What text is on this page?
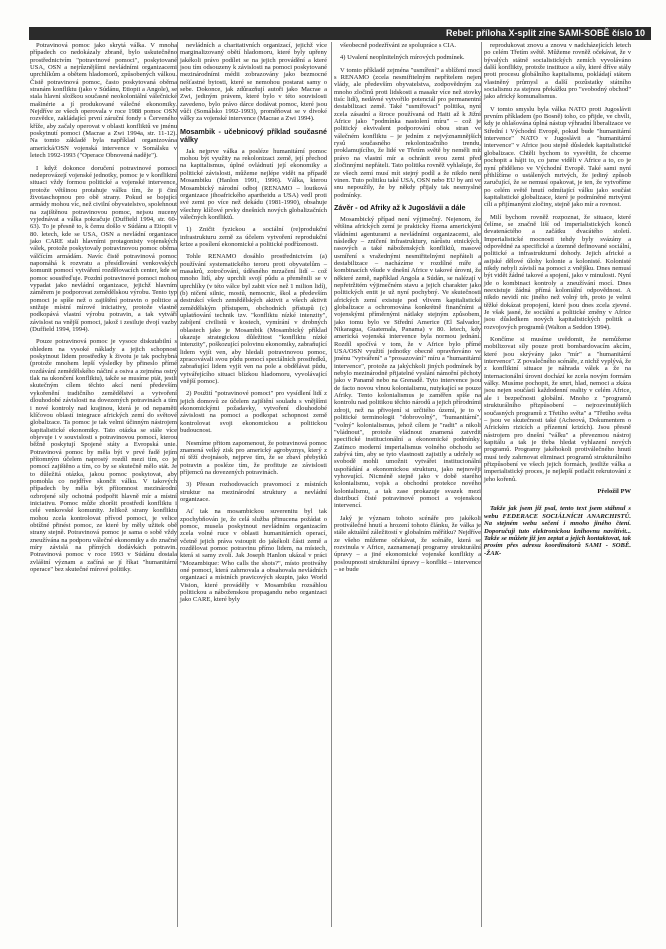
Rebel: příloha X-split zine SAMI-SOBĚ číslo 10

Potravinová pomoc jako skrytá válka. V mnoha případech co nedokázaly zbraně, bylo uskutečněno prostřednictvím "potravinové pomoci", poskytované USA, OSN a nejrůznějšími nevládními organizacemi uprchlíkům a obětem hladomorů, způsobených válkou. Čistě potravinová pomoc, často poskytovaná oběma stranám konfliktu (jako v Súdánu, Etiopii a Angole), se stala hlavní složkou současné neokoloniální válečnické mašinérie a jí produkované válečné ekonomiky. Nejdříve ze všech operovala v roce 1988 pomoc OSN rozvědce, zakládající první záruční fondy s Červeného kříže, aby začaly operovat v oblasti konfliktů ve jménu poskytnutí pomoci (Macrae a Zwi 1994a, str. 11-12). Na tomto základě byla například organizována americká/OSN vojenská intervence v Somálsku v letech 1992-1993 ("Operace Obnovená naděje").

I když dokonce doručení potravinové pomoci nedeprovázejí vojenské jednotky, pomoc je v konfliktní situaci vždy formou politické a vojenské intervence, protože většinou protahuje válku tím, že ji činí životaschopnou pro obě strany. Pokud se bojující armády mohou víc, než civilní obyvatelstvo, spolehnout na zajištěnou potravinovou pomoc, nejsou nuceny vyjednávat a válka pokračuje (Duffield 1994, str. 60-63). To je přesně to, k čemu došlo v Súdánu a Etiopii v 80. letech, kde se USA, OSN a nevládní organizace jako CARE stali hlavními protagonisty vojenských válek, protože poskytovaly potravinovou pomoc oběma válčícím armádám. Navíc čistě potravinová pomoc napomáhá k rozvratu a přesídlování venkovských komunit pomocí vytváření rozdělovacích center, kde se pomoc soustřeďuje. Pozdní potravinové pomoci mohou vypadat jako nevládní organizace, jejichž hlavním záměrem je podporovat zemědělskou výrobu. Tento typ pomoci je spíše než o zajištění potravin o politice a snižuje místní mírové iniciativy, protože vlastně podkopává vlastní výrobu potravin, a tak vytváří závislost na vnější pomoci, jakož i zesiluje dvojí vazby (Duffield 1994, 1994).

Pouze potravinová pomoc je vysoce diskutabilní s ohledem na vysoké náklady a jejich schopnost poskytnout lidem prostředky k životu je tak pochybná (protože mnohem lepší výsledky by přineslo přímé rozdávání zemědělského náčiní a osiva a zejména ostrý tlak na ukončení konfliktu), takže se musíme ptát, jestli skutečným cílem těchto akcí není především vykořenění tradičního zemědělství a vytvoření dlouhodobé závislosti na dovezených potravinách a tím i nové kontroly nad krajinou, která je od nepaměti klíčovou oblastí integrace afrických zemí do světové globalizace. Ta pomoc je tak velmi účinným nástrojem kapitalistické ekonomiky. Tato otázka se stále více objevuje i v souvislosti s potravinovou pomocí, kterou běžně poskytují Spojené státy a Evropská unie. Potravinová pomoc by měla být v prvé řadě jejím přítomným účelem naprostý rozdíl mezi tím, co je pomocí zajištěno a tím, co by se skutečně mělo stát. Je to důležitá otázka, jakou pomoc poskytovat, aby pomohla co nejdříve skončit válku. V takových případech by měla být přítomnost mezinárodní ozbrojené síly ochotná podpořit hlavně mír a místní iniciativu. Pomoc může zhoršit prostředí konfliktu i celé venkovské komunity. Jelikož strany konfliktu mohou zcela kontrolovat přívod pomoci, je velice obtížné přinést pomoc, ze které by měly užitek obě strany stejně. Potravinová pomoc je sama o sobě vždy zneužívána na podporu válečné ekonomiky a do značné míry závislá na přímých dodávkách potravin. Potravinová pomoc v roce 1993 v Súdánu dostala zvláštní význam a začíná se jí říkat "humanitární operace" bez skutečné mírové politiky.

nevládních a charitativních organizací, jejichž více marginalizovaný obětí hladomoru, které byly upřeny jakékoli právo podílet se na jejich provádění a které jsou tím odsouzeny k závislosti na pomoci poskytované mezinárodními médii zobrazovány jako bezmocné nešťastné bytosti, které se nemohou postarat samy o sebe. Dokonce, jak zdůrazňují autoři jako Macrae a Zwi, jediným právem, které bylo v této souvislosti zavedeno, bylo právo dárce dodávat pomoc, které jsou vůči (Somálsko 1992-1993), proměňovat se v divoké války za vojenské intervence (Macrae a Zwi 1994).

Mosambik - učebnicový příklad současné války

Jak nejprve válka a posléze humanitární pomoc mohou být využity na rekolonizaci země, její přechod na kapitalismus, úplné ovládnutí její ekonomiky a politické závislosti, můžeme nejlépe vidět na případě Mosambiku (Hanlon 1991, 1996). Válka, kterou Mosambický národní odboj (RENAMO – loutková organizace jihoafrického apartheidu a USA) vedl proti své zemi po více než dekádu (1981-1990), obsahuje všechny klíčové prvky dnešních nových globalizačních válečných konfliktů.

1) Zničit fyzickou a sociální (re)produkční infrastrukturu země za účelem vytvoření reprodukční krize a posílení ekonomické a politické podřízenosti.

Tohle RENAMO dosáhlo prostřednictvím (a) používání systematického teroru proti obyvatelům – masakrů, zotročování, úděsného mrzačení lidí – což mnoho lidí, aby uprchli svojí půdu a přeměnili se v uprchlíky (v této válce byl zabit více než 1 milion lidí), (b) ničení silnic, mostů, nemocnic, škol a především destrukcí všech zemědělských aktivit a všech aktivit zemědělským přístupem, obchodních přístupů (c) uplatňování technik tzv. "konfliktu nízké intenzity", zabíjení civilistů v kostech, vymírání v drobných oblastech jako je Mosambik (Mosambický příklad ukazuje strategickou důležitost "konfliktu nízké intenzity", poškozující polovinu ekonomiky, zabraňující lidem vyjít ven, aby hledali potravinovou pomoc, zpracovávali svou půdu pomocí speciálních prostředků, zabraňující lidem vyjít ven na pole a obdělávat půdu, vytvářejícího situaci blízkou hladomoru, vyvolávající vnější pomoc).

2) Použití "potravinové pomoci" pro vysídlení lidí z jejich domovů ze účelem zajištění souladu s vnějšími ekonomickými požadavky, vytvoření dlouhodobé závislosti na pomoci a podkopat schopnost země kontrolovat svoji ekonomickou a politickou budoucnost.

Nesmíme přitom zapomenout, že potravinová pomoc znamená velký zisk pro americký agrobyznys, který z ní těží dvojnásob, nejprve tím, že se zbaví přebytků potravin a posléze tím, že profituje ze závislosti příjemců na dovezených potravinách.

3) Přesun rozhodovacích pravomocí z místních struktur na mezinárodní struktury a nevládní organizace.

Ať tak na mosambickou suverenitu byl tak zpochybňován je, že celá služba přinucena požádat o pomoc, musela poskytnout nevládním organizacím zcela volné ruce v oblasti humanitárních operací, včetně jejich práva vstoupit do jakékoli části země a rozdělovat pomoc potravinu přímo lidem, na místech, která si samy zvolí. Jak Joseph Hanlon ukázal v práci "Mozambique: Who calls the shots?", místo protiváhy oné pomoci, která zahrnovala a obsahovala nevládních organizací a místních pravicových skupin, jako World Vision, které prováděly v Mosambiku rozsáhlou politickou a náboženskou propagandu nebo organizaci jako CARE, které byly

všeobecně podezříváni ze spolupráce s CIA.

4) Uvalení neoplnitelných mírových podmínek.

V tomto příkladě zejména "usmíření" a sblížení mocí s RENAMO (zcela nesmiřitelným nepřítelem nejen vlády, ale především obyvatelstva, zodpovědným za mnoho zločinů proti lidskosti a masakr více než stovky tisíc lidí), nedávné vytvořilo potenciál pro permanentní destabilizaci země. Také "usmiřovací" politika, nyní zcela zásadní a široce používaná od Haiti až k Jižní Africe jako "podmínka nastolení míru" – což je politický ekvivalent podporování obou stran ve válečném konfliktu – je jedním z nejvýznamnějších rysů současného rekolonizačního trendu, proklamujícího, že lidé ve Třetím světě by neměli mít právo na vlastní mír a ochránit svou zemi před zločinnými nepřáteli. Tato politika rovněž vyhlašuje, že ze všech zemí musí mít stejný podíl a že nikdo není vinen. Tuto politiku také USA, OSN nebo EU by ani ve snu nepoužily, že by někdy přijaly tak nesmyslné podmínky.

Závěr - od Afriky až k Jugoslávii a dále

Mosambický případ není výjimečný. Nejenom, že většina afrických zemí je prakticky řízena americkými vládními agenturami a nevládními organizacemi, ale následky – zničení infrastruktury, nárůstu etnických, rasových a také náboženských konfliktů, masové usmíření s vražednými nesmiřitelnými nepřáteli a destabilizace – nacházíme v rozdílné míře a kombinacích všude v dnešní Africe v takové úrovni, že některé země, například Angola a Súdán, se nalézají v nepřetržitém výjimečném stavu a jejich charakter jako politických entit je už nyní pochybný. Ve skutečnosti afrických zemí existuje pod vlivem kapitalistické globalizace a ochromována konkrétně finančními a vojenskými příměrnými nátlaky stejným způsobem, jako tomu bylo ve Střední Americe (El Salvador, Nikaragua, Guatemala, Panama) v 80. letech, kdy americká vojenská intervence byla normou jednání. Rozdíl spočívá v tom, že v Africe bylo přímé USA/OSN využití jednotky obecně opravňováno ve jménu "vytváření" a "prosazování" míru a "humanitární intervence", protože za jakýchkoli jiných podmínek by nebylo mezinárodně přijatelné vyslání námořní pěchoty jako v Panamě nebo na Grenadě. Tyto intervence jsou de facto novou vlnou kolonialismu, nutykající se pouze Afriky. Tento kolonialismus je zaměřen spíše na kontrolu nad politikou těchto národů a jejich přírodními zdroji, než na přivojení si určitého území, je to v politické terminologii "dobrovolný", "humanitární", "volný" kolonialismus, jehož cílem je "radit" a nikoli "vládnout", protože vládnout znamená zatvrdit specifické institucionální a ekonomické podmínky. Zatímco moderní imperialismus volného obchodu se zabývá tím, aby se tyto vlastnosti zajistily a udržely se svobodě mohli umožnit vytvářet institucionální uspořádání a ekonomickou strukturu, jako nejnověji vyhovující. Nicméně stejně jako v době starého kolonialismu, vojsk a obchodní protekce nového kolonialismu, a tak zase prokazuje svazek mezi distribucí čisté potravinové pomoci a vojenskou intervencí.

Jaký je význam tohoto scénáře pro jakékoli protiválečné hnutí a hrození tohoto článku, že válka je stále aktuální záležitostí v globalním měřítku? Nejdříve ze všeho můžeme očekávat, že scénáře, která se rozvinula v Africe, zaznamenají programy strukturální úpravy – a jiné ekonomické vojenské konflikty a posloupnosti strukturální úpravy – konflikt – intervence – se bude

reprodukovat znovu a znovu v nadcházejících letech po celém Třetím světě. Můžeme rovněž očekávat, že v bývalých státně socialistických zemích vyvoláváno další konflikty, protože instituce a síly, které dříve stály proti procesu globálního kapitalismu, pokládají státem vlastněný průmysl a další pozůstatky státního socialismu za stejnou překážku pro "svobodný obchod" jako africký komunalismus.

V tomto smyslu byla válka NATO proti Jugoslávii prvním příkladem (po Bosně) toho, co přijde, ve chvíli, kdy je ohlašována úplná nástup výhradní liberalizace ve Střední i Východní Evropě, pokud bude "humanitární intervence" NATO v Jugoslávii a "humanitární intervence" v Africe jsou stejně důsledek kapitalistické globalizace. Chtěli bychom to vysvětlit, že chceme pochopit a hájit to, co jsme viděli v Africe a to, co je nyní přiděleno ve Východní Evropě. Také sami nyní přihlížíme o ustálených mrtvých, že jediný způsob zaručující, že se nemusí opakovat, je ten, že vytvoříme po celém světě hnutí odmítající válku jako součást kapitalistické globalizace, které je podmíněné mrtvými cíli a přijímanými zločiny, stejně jako mír a rovnost.

Milí bychom rovněž rozpoznat, že situace, které čelíme, se značně liší od imperialistických konců devatenáctého a začátku dvacátého století. Imperialistické mocnosti tehdy byly svázány a odpovědné za specifické a územně definované sociální, politické a infrastrukturní dohody. Jejich africké a asijské dělové úlohy kolonie a kolonisté. Kolonisté nikdy nebyli závislí na pomoci z vnějšku. Dnes nemusí být vidět žádné takové a spojení, jako v minulosti. Nyní jde o kombinaci kontroly a zneužívání mocí. Dnes neexistuje žádná přímá koloniální odpovědnost. A nikdo nevidí nic jiného než volný trh, proto je velmi těžké dokázat propojení, které jsou dnes zcela zjevné. Je však jasné, že sociální a politické změny v Africe jsou důsledkem nových kapitalistických politik a rozvojových programů (Walton a Seddon 1994).

Končíme si musíme uvědomit, že nemůžeme mobilizovat síly pouze proti bombardovacím akcím, které jsou skrývány jako "mír" a "humanitární intervence". Z povalečného scénáře, z nichž vyplývá, že z konfliktní situace je náhrada válek a že na internacionální úrovni dochází ke zcela novým formám války. Musíme pochopit, že smrt, hlad, nemoci a zkáza jsou nejen součástí každodenní reality v celém Africe, ale i bezpečnosti globální. Mnoho z "programů strukturálního přizpůsobení – nejrozvinutějších současných programů z Třetího světa" a "Třetího světa – jsou ve skutečnosti také (Acheová, Dokumentem o Africkém rizicích a přízemní krizích). Jsou přesně nástrojem pro dnešní "válku" a převezmou nástroj kapitálu a tak je třeba hledat vyhlazení nových programů. Programy jakéhokoli protiválečného hnutí musí tedy zahrnovat eliminaci programů strukturálního přizpůsobení ve všech jejich formách, jestliže válka a imperialistický proces, je nejlepší potlačit rekrutování z jeho kořenů.

Přeložil PW

Takže jak jsem již psal, tento text jsem stáhnul s webu FEDERACE SOCIÁLNÍCH ANARCHISTŮ. Na stejném webu sečení i mnoho jiného čtení. Doporučuji tuto elektronickou knihovnu navštívit... Takže se můžete již jen zeptat a jejich kontaktovat, tak prosím přes adresu koordinátorů SAMI - SOBĚ. -ŽAK-
